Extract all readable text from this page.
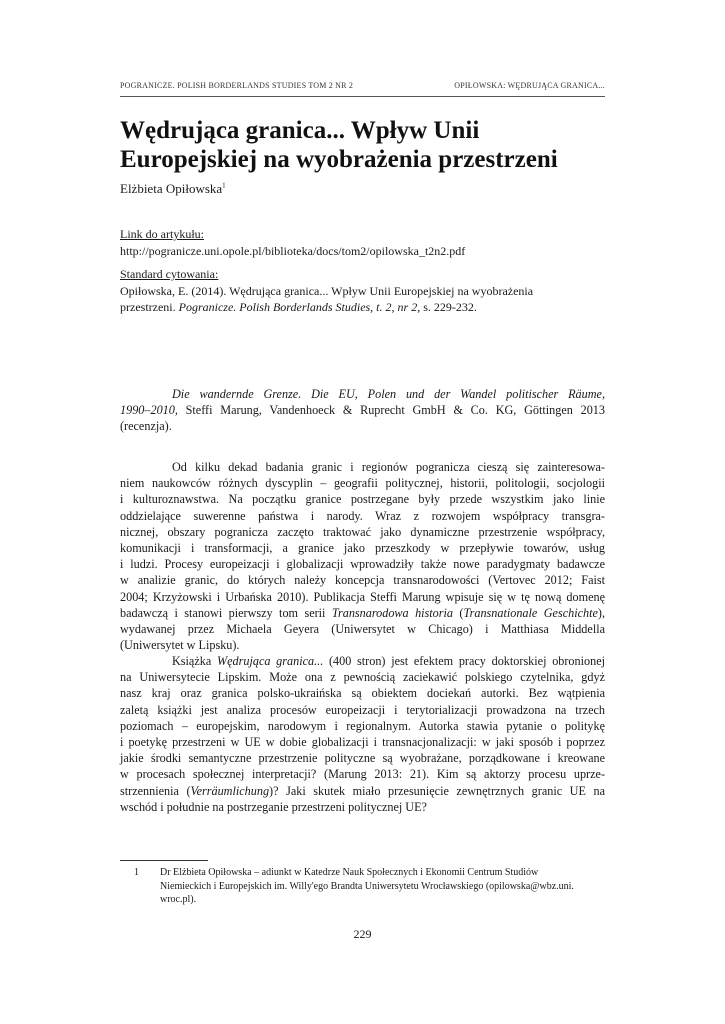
POGRANICZE. POLISH BORDERLANDS STUDIES TOM 2 NR 2	OPIŁOWSKA: WĘDRUJĄCA GRANICA...
Wędrująca granica... Wpływ Unii
Europejskiej na wyobrażenia przestrzeni
Elżbieta Opiłowska$^1$
Link do artykułu:
http://pogranicze.uni.opole.pl/biblioteka/docs/tom2/opilowska_t2n2.pdf
Standard cytowania:
Opiłowska, E. (2014). Wędrująca granica... Wpływ Unii Europejskiej na wyobrażenia
przestrzeni. Pogranicze. Polish Borderlands Studies, t. 2, nr 2, s. 229-232.
Die wandernde Grenze. Die EU, Polen und der Wandel politischer Räume,
1990–2010, Steffi Marung, Vandenhoeck & Ruprecht GmbH & Co. KG, Göttingen 2013
(recenzja).
Od kilku dekad badania granic i regionów pogranicza cieszą się zainteresowa-
niem naukowców różnych dyscyplin – geografii politycznej, historii, politologii, socjologii
i kulturoznawstwa. Na początku granice postrzegane były przede wszystkim jako linie
oddzielające suwerenne państwa i narody. Wraz z rozwojem współpracy transgra-
nicznej, obszary pogranicza zaczęto traktować jako dynamiczne przestrzenie współpracy,
komunikacji i transformacji, a granice jako przeszkody w przepływie towarów, usług
i ludzi. Procesy europeizacji i globalizacji wprowadziły także nowe paradygmaty badawcze
w analizie granic, do których należy koncepcja transnarodowości (Vertovec 2012; Faist
2004; Krzyżowski i Urbańska 2010). Publikacja Steffi Marung wpisuje się w tę nową domenę
badawczą i stanowi pierwszy tom serii Transnarodowa historia (Transnationale Geschichte),
wydawanej przez Michaela Geyera (Uniwersytet w Chicago) i Matthiasa Middella
(Uniwersytet w Lipsku).
Książka Wędrująca granica... (400 stron) jest efektem pracy doktorskiej obronionej
na Uniwersytecie Lipskim. Może ona z pewnością zaciekawić polskiego czytelnika, gdyż
nasz kraj oraz granica polsko-ukraińska są obiektem dociekań autorki. Bez wątpienia
zaletą książki jest analiza procesów europeizacji i terytorializacji prowadzona na trzech
poziomach – europejskim, narodowym i regionalnym. Autorka stawia pytanie o politykę
i poetykę przestrzeni w UE w dobie globalizacji i transnacjonalizacji: w jaki sposób i poprzez
jakie środki semantyczne przestrzenie polityczne są wyobrażane, porządkowane i kreowane
w procesach społecznej interpretacji? (Marung 2013: 21). Kim są aktorzy procesu uprze-
strzennienia (Verräumlichung)? Jaki skutek miało przesunięcie zewnętrznych granic UE na
wschód i południe na postrzeganie przestrzeni politycznej UE?
1 Dr Elżbieta Opiłowska – adiunkt w Katedrze Nauk Społecznych i Ekonomii Centrum Studiów
Niemieckich i Europejskich im. Willy'ego Brandta Uniwersytetu Wrocławskiego (opilowska@wbz.uni.
wroc.pl).
229
